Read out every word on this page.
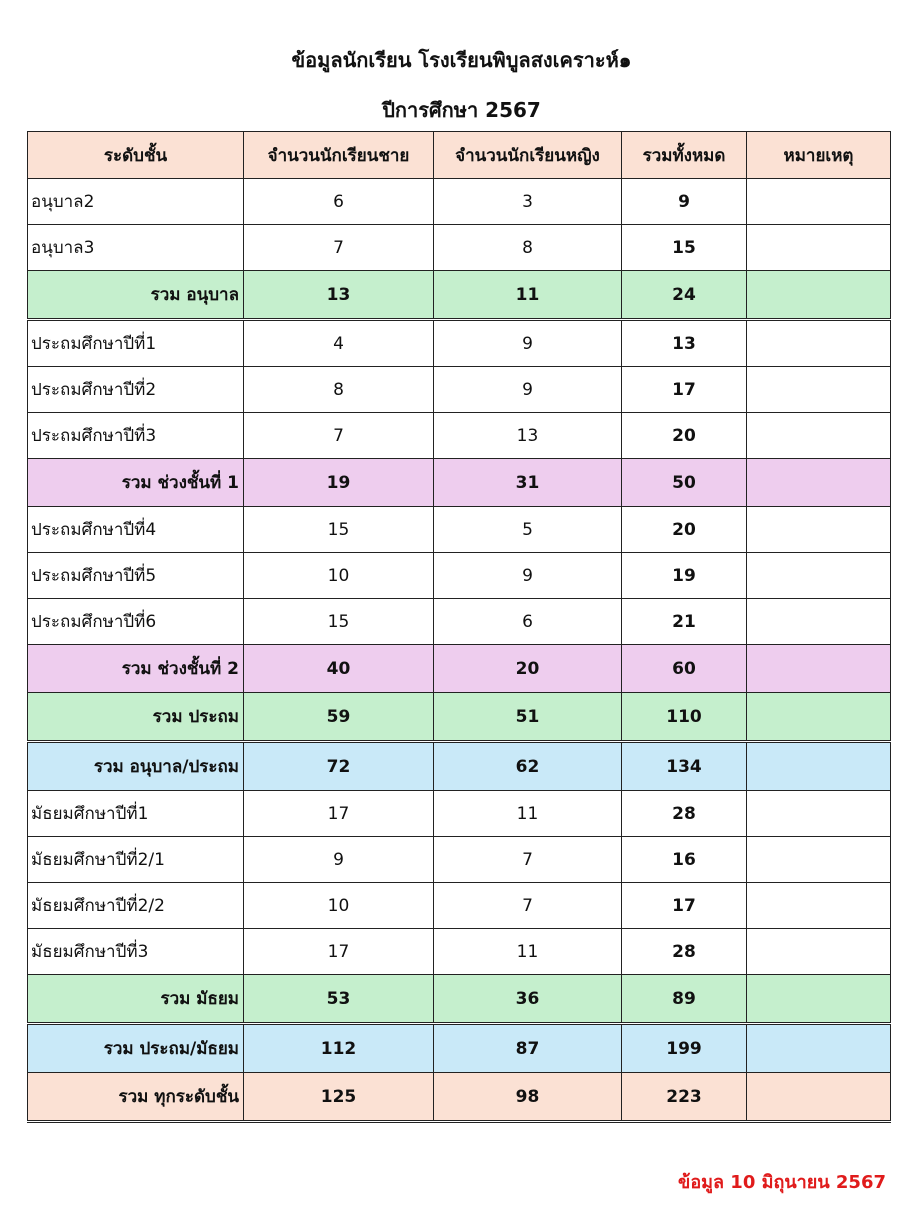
ข้อมูลนักเรียน โรงเรียนพิบูลสงเคราะห์๑
ปีการศึกษา 2567
ระดับชั้น	จำนวนนักเรียนชาย	จำนวนนักเรียนหญิง	รวมทั้งหมด	หมายเหตุ
อนุบาล2	6	3	9	
อนุบาล3	7	8	15	
รวม อนุบาล	13	11	24	
ประถมศึกษาปีที่1	4	9	13	
ประถมศึกษาปีที่2	8	9	17	
ประถมศึกษาปีที่3	7	13	20	
รวม ช่วงชั้นที่ 1	19	31	50	
ประถมศึกษาปีที่4	15	5	20	
ประถมศึกษาปีที่5	10	9	19	
ประถมศึกษาปีที่6	15	6	21	
รวม ช่วงชั้นที่ 2	40	20	60	
รวม ประถม	59	51	110	
รวม อนุบาล/ประถม	72	62	134	
มัธยมศึกษาปีที่1	17	11	28	
มัธยมศึกษาปีที่2/1	9	7	16	
มัธยมศึกษาปีที่2/2	10	7	17	
มัธยมศึกษาปีที่3	17	11	28	
รวม มัธยม	53	36	89	
รวม ประถม/มัธยม	112	87	199	
รวม ทุกระดับชั้น	125	98	223	
ข้อมูล 10 มิถุนายน 2567
